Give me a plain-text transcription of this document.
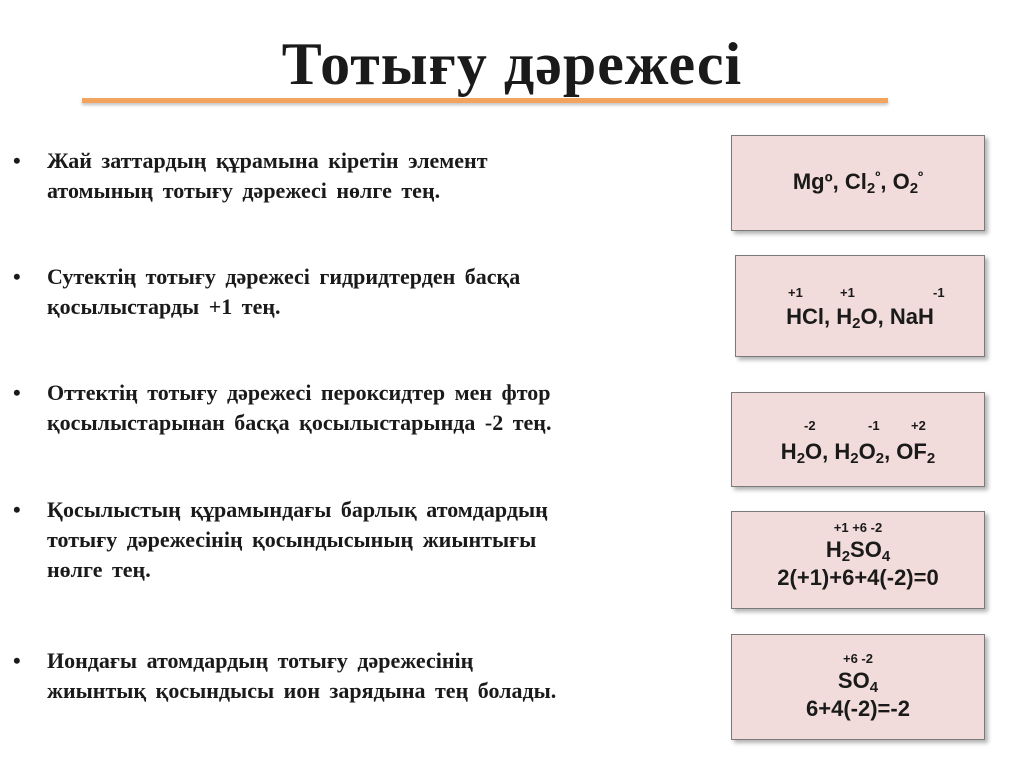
Тотығу дәрежесі
• Жай заттардың құрамына кіретін элемент
атомының тотығу дәрежесі нөлге тең.
• Сутектің тотығу дәрежесі гидридтерден басқа
қосылыстарды +1 тең.
• Оттектің тотығу дәрежесі пероксидтер мен фтор
қосылыстарынан басқа қосылыстарында -2 тең.
• Қосылыстың құрамындағы барлық атомдардың
тотығу дәрежесінің қосындысының жиынтығы
нөлге тең.
• Иондағы атомдардың тотығу дәрежесінің
жиынтық қосындысы ион зарядына тең болады.
Mgº, $Cl_2^º$, $O_2^º$
+1	+1	-1
HCl, $H_2O$, NaH
-2	-1 +2
$H_2O$, $H_2O_2$, $OF_2$
+1 +6 -2
$H_2SO_4$
2(+1)+6+4(-2)=0
+6 -2
$SO_4$
6+4(-2)=-2
